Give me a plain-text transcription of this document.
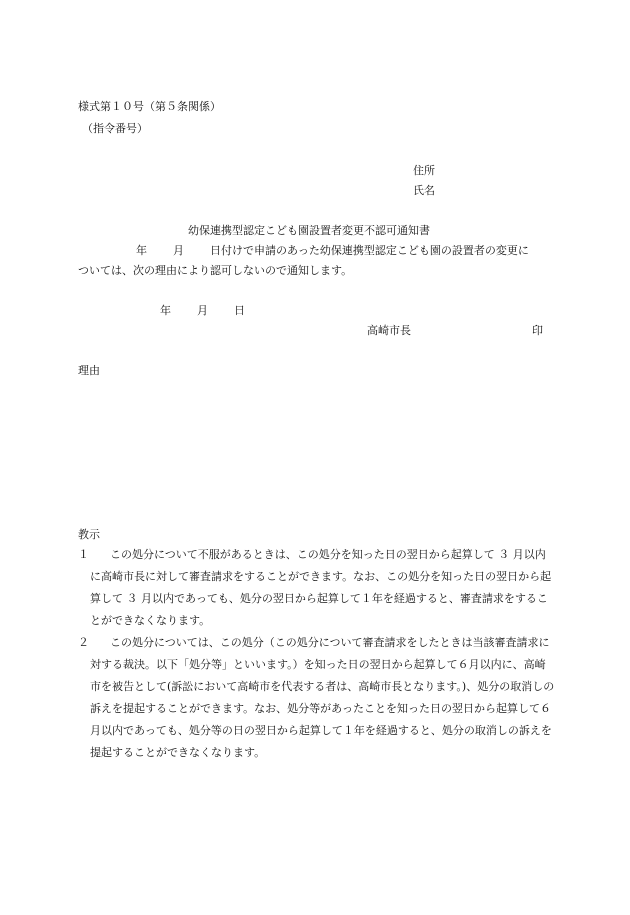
様式第１０号（第５条関係）
（指令番号）
住所
氏名
幼保連携型認定こども園設置者変更不認可通知書
年 月 日付けで申請のあった幼保連携型認定こども園の設置者の変更に
ついては、次の理由により認可しないので通知します。
年 月 日
高崎市長	印
理由
教示
１	この処分について不服があるときは、この処分を知った日の翌日から起算して ３ 月以内に高崎市長に対して審査請求をすることができます。なお、この処分を知った日の翌日から起算して ３ 月以内であっても、処分の翌日から起算して１年を経過すると、審査請求をすることができなくなります。
２	この処分については、この処分（この処分について審査請求をしたときは当該審査請求に対する裁決。以下「処分等」といいます。）を知った日の翌日から起算して６月以内に、高崎市を被告として(訴訟において高崎市を代表する者は、高崎市長となります。)、処分の取消しの訴えを提起することができます。なお、処分等があったことを知った日の翌日から起算して６月以内であっても、処分等の日の翌日から起算して１年を経過すると、処分の取消しの訴えを提起することができなくなります。
